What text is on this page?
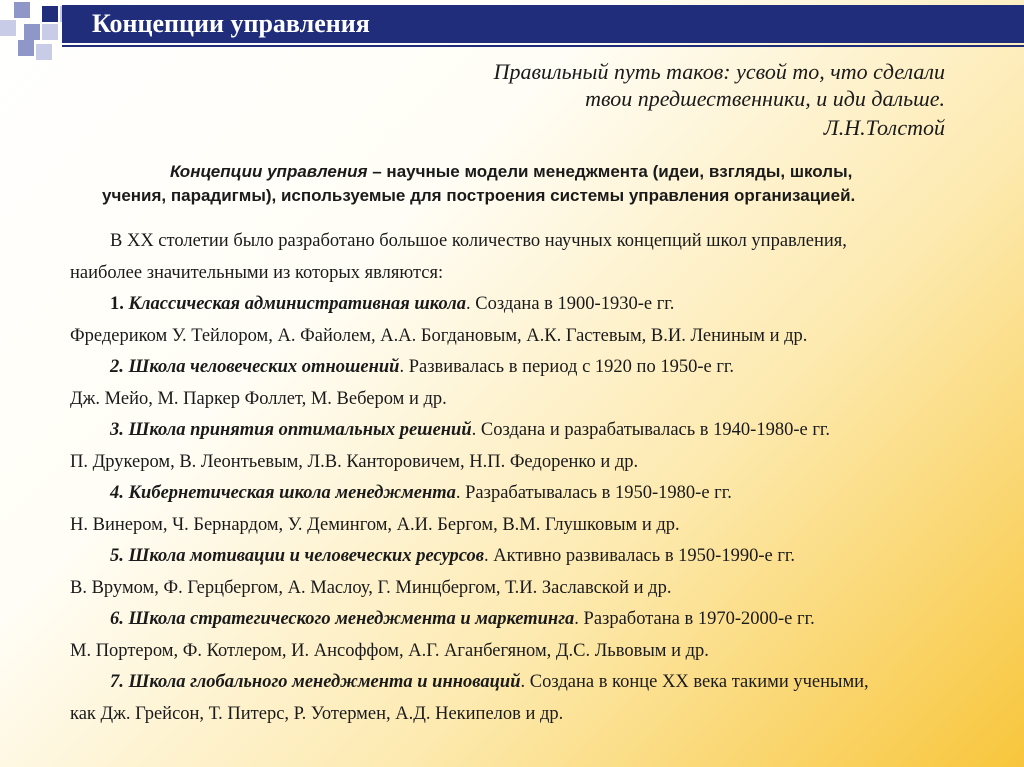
Концепции управления
Правильный путь таков: усвой то, что сделали
твои предшественники, и иди дальше.
Л.Н.Толстой
Концепции управления – научные модели менеджмента (идеи, взгляды, школы,
учения, парадигмы), используемые для построения системы управления организацией.
В XX столетии было разработано большое количество научных концепций школ управления,
наиболее значительными из которых являются:
1. Классическая административная школа. Создана в 1900-1930-е гг.
Фредериком У. Тейлором, А. Файолем, А.А. Богдановым, А.К. Гастевым, В.И. Лениным и др.
2. Школа человеческих отношений. Развивалась в период с 1920 по 1950-е гг.
Дж. Мейо, М. Паркер Фоллет, М. Вебером и др.
3. Школа принятия оптимальных решений. Создана и разрабатывалась в 1940-1980-е гг.
П. Друкером, В. Леонтьевым, Л.В. Канторовичем, Н.П. Федоренко и др.
4. Кибернетическая школа менеджмента. Разрабатывалась в 1950-1980-е гг.
Н. Винером, Ч. Бернардом, У. Демингом, А.И. Бергом, В.М. Глушковым и др.
5. Школа мотивации и человеческих ресурсов. Активно развивалась в 1950-1990-е гг.
В. Врумом, Ф. Герцбергом, А. Маслоу, Г. Минцбергом, Т.И. Заславской и др.
6. Школа стратегического менеджмента и маркетинга. Разработана в 1970-2000-е гг.
М. Портером, Ф. Котлером, И. Ансоффом, А.Г. Аганбегяном, Д.С. Львовым и др.
7. Школа глобального менеджмента и инноваций. Создана в конце XX века такими учеными,
как Дж. Грейсон, Т. Питерс, Р. Уотермен, А.Д. Некипелов и др.
